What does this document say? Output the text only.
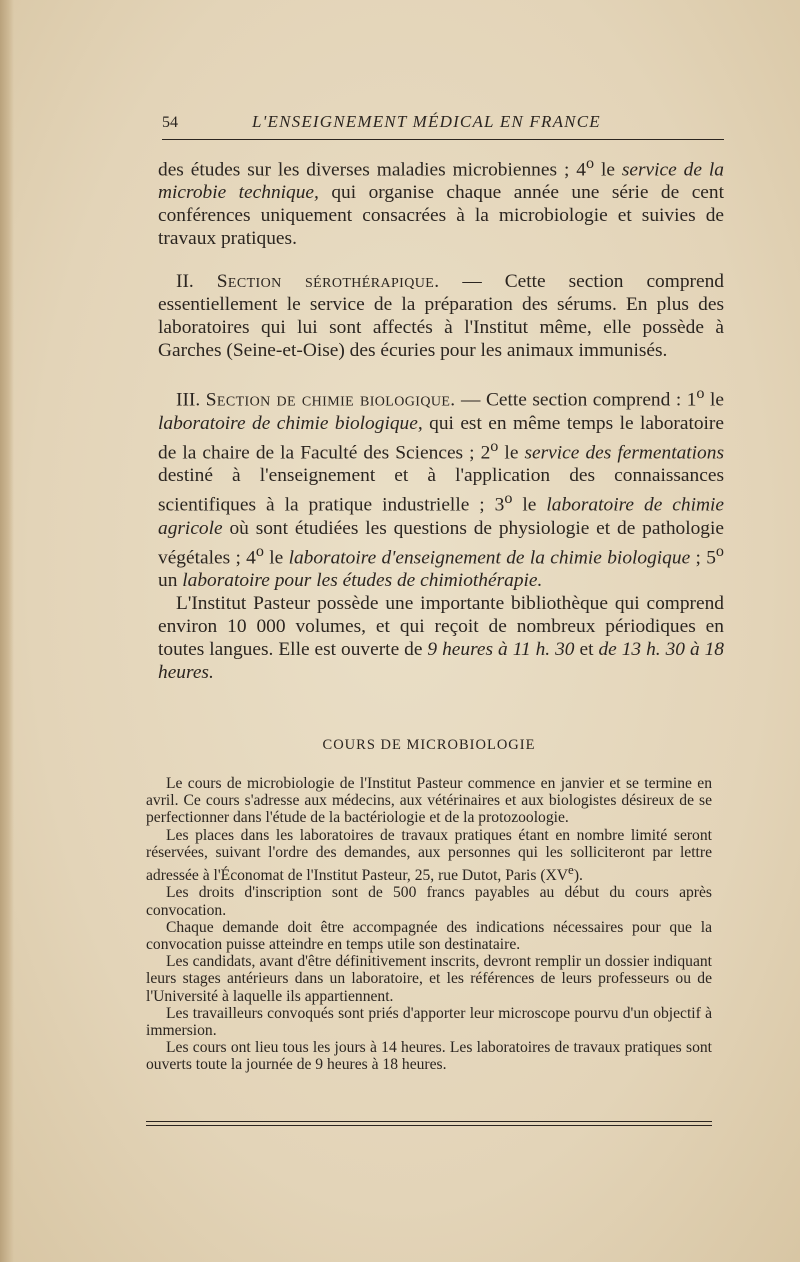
54	L'ENSEIGNEMENT MÉDICAL EN FRANCE

des études sur les diverses maladies microbiennes ; 4$^o$ le service de la microbie technique, qui organise chaque année une série de cent conférences uniquement consacrées à la microbiologie et suivies de travaux pratiques.

II. Section sérothérapique. — Cette section comprend essentiellement le service de la préparation des sérums. En plus des laboratoires qui lui sont affectés à l'Institut même, elle possède à Garches (Seine-et-Oise) des écuries pour les animaux immunisés.

III. Section de chimie biologique. — Cette section comprend : 1$^o$ le laboratoire de chimie biologique, qui est en même temps le laboratoire de la chaire de la Faculté des Sciences ; 2$^o$ le service des fermentations destiné à l'enseignement et à l'application des connaissances scientifiques à la pratique industrielle ; 3$^o$ le laboratoire de chimie agricole où sont étudiées les questions de physiologie et de pathologie végétales ; 4$^o$ le laboratoire d'enseignement de la chimie biologique ; 5$^o$ un laboratoire pour les études de chimiothérapie.

L'Institut Pasteur possède une importante bibliothèque qui comprend environ 10 000 volumes, et qui reçoit de nombreux périodiques en toutes langues. Elle est ouverte de 9 heures à 11 h. 30 et de 13 h. 30 à 18 heures.

COURS DE MICROBIOLOGIE

Le cours de microbiologie de l'Institut Pasteur commence en janvier et se termine en avril. Ce cours s'adresse aux médecins, aux vétérinaires et aux biologistes désireux de se perfectionner dans l'étude de la bactériologie et de la protozoologie.

Les places dans les laboratoires de travaux pratiques étant en nombre limité seront réservées, suivant l'ordre des demandes, aux personnes qui les solliciteront par lettre adressée à l'Économat de l'Institut Pasteur, 25, rue Dutot, Paris (XVe).

Les droits d'inscription sont de 500 francs payables au début du cours après convocation.

Chaque demande doit être accompagnée des indications nécessaires pour que la convocation puisse atteindre en temps utile son destinataire.

Les candidats, avant d'être définitivement inscrits, devront remplir un dossier indiquant leurs stages antérieurs dans un laboratoire, et les références de leurs professeurs ou de l'Université à laquelle ils appartiennent.

Les travailleurs convoqués sont priés d'apporter leur microscope pourvu d'un objectif à immersion.

Les cours ont lieu tous les jours à 14 heures. Les laboratoires de travaux pratiques sont ouverts toute la journée de 9 heures à 18 heures.
